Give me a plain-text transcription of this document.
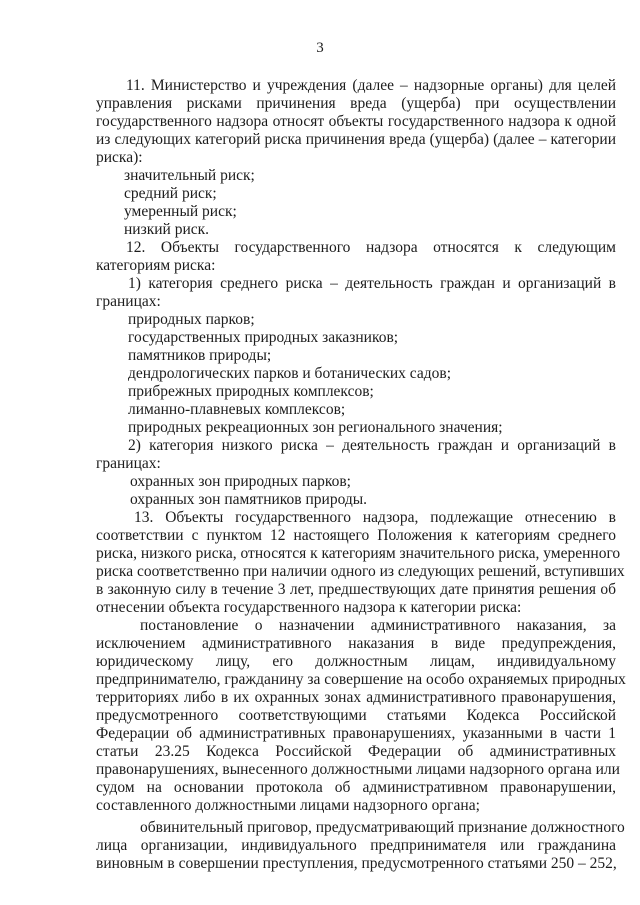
3
11. Министерство и учреждения (далее – надзорные органы) для целей
управления рисками причинения вреда (ущерба) при осуществлении
государственного надзора относят объекты государственного надзора к одной
из следующих категорий риска причинения вреда (ущерба) (далее – категории
риска):
значительный риск;
средний риск;
умеренный риск;
низкий риск.
12. Объекты государственного надзора относятся к следующим
категориям риска:
1) категория среднего риска – деятельность граждан и организаций в
границах:
природных парков;
государственных природных заказников;
памятников природы;
дендрологических парков и ботанических садов;
прибрежных природных комплексов;
лиманно-плавневых комплексов;
природных рекреационных зон регионального значения;
2) категория низкого риска – деятельность граждан и организаций в
границах:
охранных зон природных парков;
охранных зон памятников природы.
13. Объекты государственного надзора, подлежащие отнесению в
соответствии с пунктом 12 настоящего Положения к категориям среднего
риска, низкого риска, относятся к категориям значительного риска, умеренного
риска соответственно при наличии одного из следующих решений, вступивших
в законную силу в течение 3 лет, предшествующих дате принятия решения об
отнесении объекта государственного надзора к категории риска:
постановление о назначении административного наказания, за
исключением административного наказания в виде предупреждения,
юридическому лицу, его должностным лицам, индивидуальному
предпринимателю, гражданину за совершение на особо охраняемых природных
территориях либо в их охранных зонах административного правонарушения,
предусмотренного соответствующими статьями Кодекса Российской
Федерации об административных правонарушениях, указанными в части 1
статьи 23.25 Кодекса Российской Федерации об административных
правонарушениях, вынесенного должностными лицами надзорного органа или
судом на основании протокола об административном правонарушении,
составленного должностными лицами надзорного органа;
обвинительный приговор, предусматривающий признание должностного
лица организации, индивидуального предпринимателя или гражданина
виновным в совершении преступления, предусмотренного статьями 250 – 252,
